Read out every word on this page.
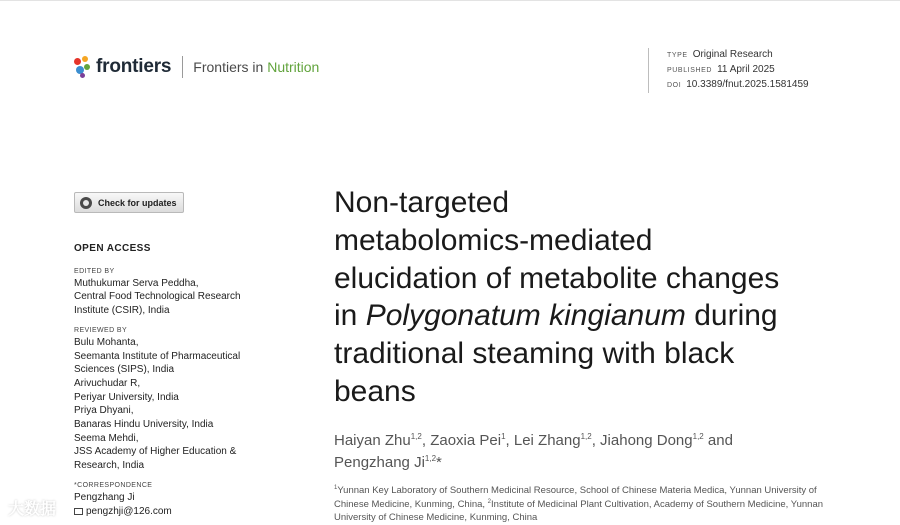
frontiers Frontiers in Nutrition
TYPE Original Research
PUBLISHED 11 April 2025
DOI 10.3389/fnut.2025.1581459
Check for updates
OPEN ACCESS
EDITED BY
Muthukumar Serva Peddha,
Central Food Technological Research
Institute (CSIR), India
REVIEWED BY
Bulu Mohanta,
Seemanta Institute of Pharmaceutical
Sciences (SIPS), India
Arivuchudar R,
Periyar University, India
Priya Dhyani,
Banaras Hindu University, India
Seema Mehdi,
JSS Academy of Higher Education &
Research, India
*CORRESPONDENCE
Pengzhang Ji
pengzhji@126.com
Non-targeted
metabolomics-mediated
elucidation of metabolite changes
in Polygonatum kingianum during
traditional steaming with black
beans
Haiyan Zhu$^{1,2}$, Zaoxia Pei$^1$, Lei Zhang$^{1,2}$, Jiahong Dong$^{1,2}$ and
Pengzhang Ji$^{1,2}$*
$^1$Yunnan Key Laboratory of Southern Medicinal Resource, School of Chinese Materia Medica, Yunnan University of Chinese Medicine, Kunming, China, $^2$Institute of Medicinal Plant Cultivation, Academy of Southern Medicine, Yunnan University of Chinese Medicine, Kunming, China
大数据
